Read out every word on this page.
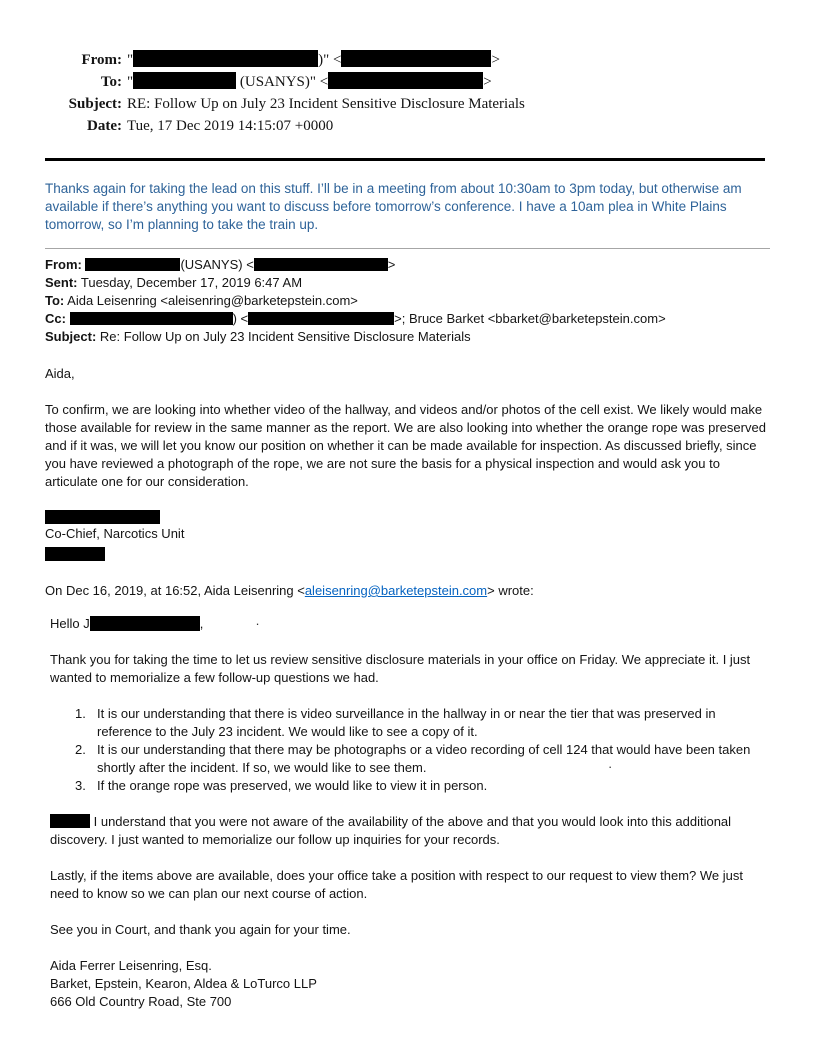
From: "	)" <	>
To: "	(USANYS)" <	>
Subject: RE: Follow Up on July 23 Incident Sensitive Disclosure Materials
Date: Tue, 17 Dec 2019 14:15:07 +0000

Thanks again for taking the lead on this stuff. I’ll be in a meeting from about 10:30am to 3pm today, but otherwise am available if there’s anything you want to discuss before tomorrow’s conference. I have a 10am plea in White Plains tomorrow, so I’m planning to take the train up.

From:	(USANYS) <	>
Sent: Tuesday, December 17, 2019 6:47 AM
To: Aida Leisenring <aleisenring@barketepstein.com>
Cc:	) <	>; Bruce Barket <bbarket@barketepstein.com>
Subject: Re: Follow Up on July 23 Incident Sensitive Disclosure Materials

Aida,

To confirm, we are looking into whether video of the hallway, and videos and/or photos of the cell exist. We likely would make those available for review in the same manner as the report. We are also looking into whether the orange rope was preserved and if it was, we will let you know our position on whether it can be made available for inspection. As discussed briefly, since you have reviewed a photograph of the rope, we are not sure the basis for a physical inspection and would ask you to articulate one for our consideration.

Co-Chief, Narcotics Unit

On Dec 16, 2019, at 16:52, Aida Leisenring <aleisenring@barketepstein.com> wrote:

Hello J	,	·

Thank you for taking the time to let us review sensitive disclosure materials in your office on Friday. We appreciate it. I just wanted to memorialize a few follow-up questions we had.

1. It is our understanding that there is video surveillance in the hallway in or near the tier that was preserved in reference to the July 23 incident. We would like to see a copy of it.
2. It is our understanding that there may be photographs or a video recording of cell 124 that would have been taken shortly after the incident. If so, we would like to see them.	·
3. If the orange rope was preserved, we would like to view it in person.

I understand that you were not aware of the availability of the above and that you would look into this additional discovery. I just wanted to memorialize our follow up inquiries for your records.

Lastly, if the items above are available, does your office take a position with respect to our request to view them? We just need to know so we can plan our next course of action.

See you in Court, and thank you again for your time.

Aida Ferrer Leisenring, Esq.
Barket, Epstein, Kearon, Aldea & LoTurco LLP
666 Old Country Road, Ste 700
